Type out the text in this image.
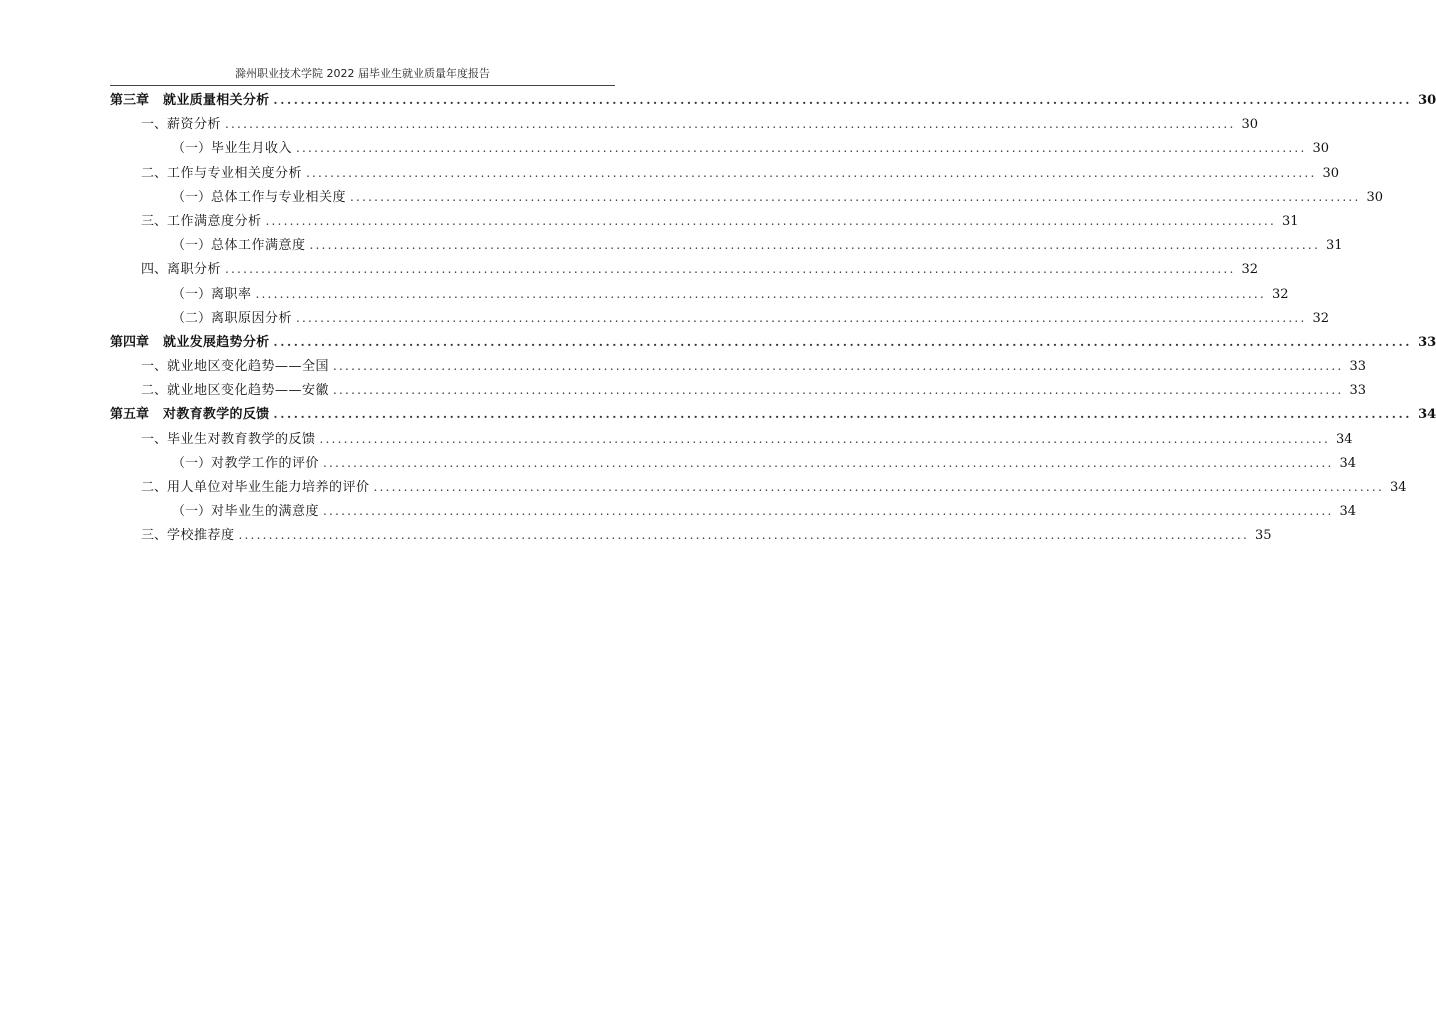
滁州职业技术学院 2022 届毕业生就业质量年度报告
第三章 就业质量相关分析 .....	30
一、 薪资分析 .....	30
（一） 毕业生月收入 .....	30
二、 工作与专业相关度分析 .....	30
（一） 总体工作与专业相关度 .....	30
三、 工作满意度分析 .....	31
（一） 总体工作满意度 .....	31
四、 离职分析 .....	32
（一） 离职率 .....	32
（二） 离职原因分析 .....	32
第四章 就业发展趋势分析 .....	33
一、 就业地区变化趋势——全国 .....	33
二、 就业地区变化趋势——安徽 .....	33
第五章 对教育教学的反馈 .....	34
一、 毕业生对教育教学的反馈 .....	34
（一） 对教学工作的评价 .....	34
二、 用人单位对毕业生能力培养的评价 .....	34
（一） 对毕业生的满意度 .....	34
三、 学校推荐度 .....	35
